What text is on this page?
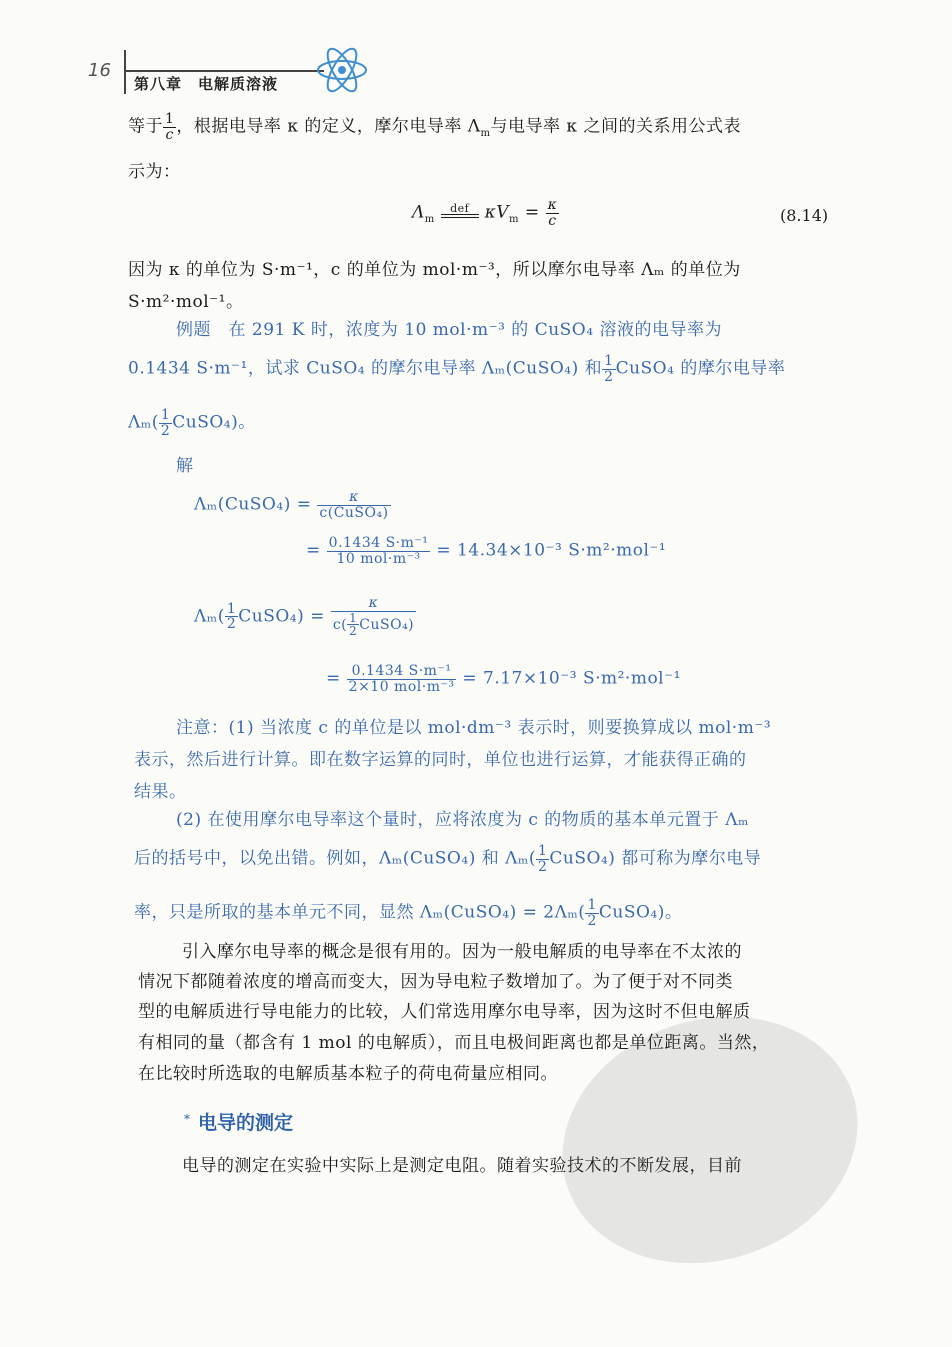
16
第八章　电解质溶液
等于 $\frac{1}{c}$ ，根据电导率 κ 的定义，摩尔电导率 $\Lambda_m$与电导率 κ 之间的关系用公式表
示为：
$\Lambda_m$
def $\kappa V_m = \frac{\kappa}{c}$	(8.14)
因为 κ 的单位为 S·m⁻¹，c 的单位为 mol·m⁻³，所以摩尔电导率 Λₘ 的单位为
S·m²·mol⁻¹。
例题　在 291 K 时，浓度为 10 mol·m⁻³ 的 CuSO₄ 溶液的电导率为
0.1434 S·m⁻¹，试求 CuSO₄ 的摩尔电导率 Λₘ(CuSO₄) 和 $\frac{1}{2}$ CuSO₄ 的摩尔电导率
$\Lambda_m( \frac{1}{2}$ CuSO₄)。
解
Λₘ(CuSO₄) = $\frac{\kappa}{\text{c(CuSO₄)}}$
= $\frac{\text{0.1434 S·m⁻¹}}{\text{10 mol·m⁻³}} = 14.34\times 10^{-3}$ S·m²·mol⁻¹
$\Lambda_m( \frac{1}{2}$ CuSO₄) = $\frac{\kappa}{c( \frac{1}{2} CuSO_4)}$
= $\frac{\text{0.1434 S·m⁻¹}}{\text{2×10 mol·m⁻³}} = 7.17\times 10^{-3}$ S·m²·mol⁻¹
注意：(1) 当浓度 c 的单位是以 mol·dm⁻³ 表示时，则要换算成以 mol·m⁻³
表示，然后进行计算。即在数字运算的同时，单位也进行运算，才能获得正确的
结果。
(2) 在使用摩尔电导率这个量时，应将浓度为 c 的物质的基本单元置于 Λₘ
后的括号中，以免出错。例如，Λₘ(CuSO₄) 和 $\Lambda_m( \frac{1}{2}$ CuSO₄) 都可称为摩尔电导
率，只是所取的基本单元不同，显然 Λₘ(CuSO₄) = $2\Lambda_m( \frac{1}{2}$ CuSO₄)。
引入摩尔电导率的概念是很有用的。因为一般电解质的电导率在不太浓的
情况下都随着浓度的增高而变大，因为导电粒子数增加了。为了便于对不同类
型的电解质进行导电能力的比较，人们常选用摩尔电导率，因为这时不但电解质
有相同的量（都含有 1 mol 的电解质），而且电极间距离也都是单位距离。当然，
在比较时所选取的电解质基本粒子的荷电荷量应相同。
* 电导的测定
电导的测定在实验中实际上是测定电阻。随着实验技术的不断发展，目前
